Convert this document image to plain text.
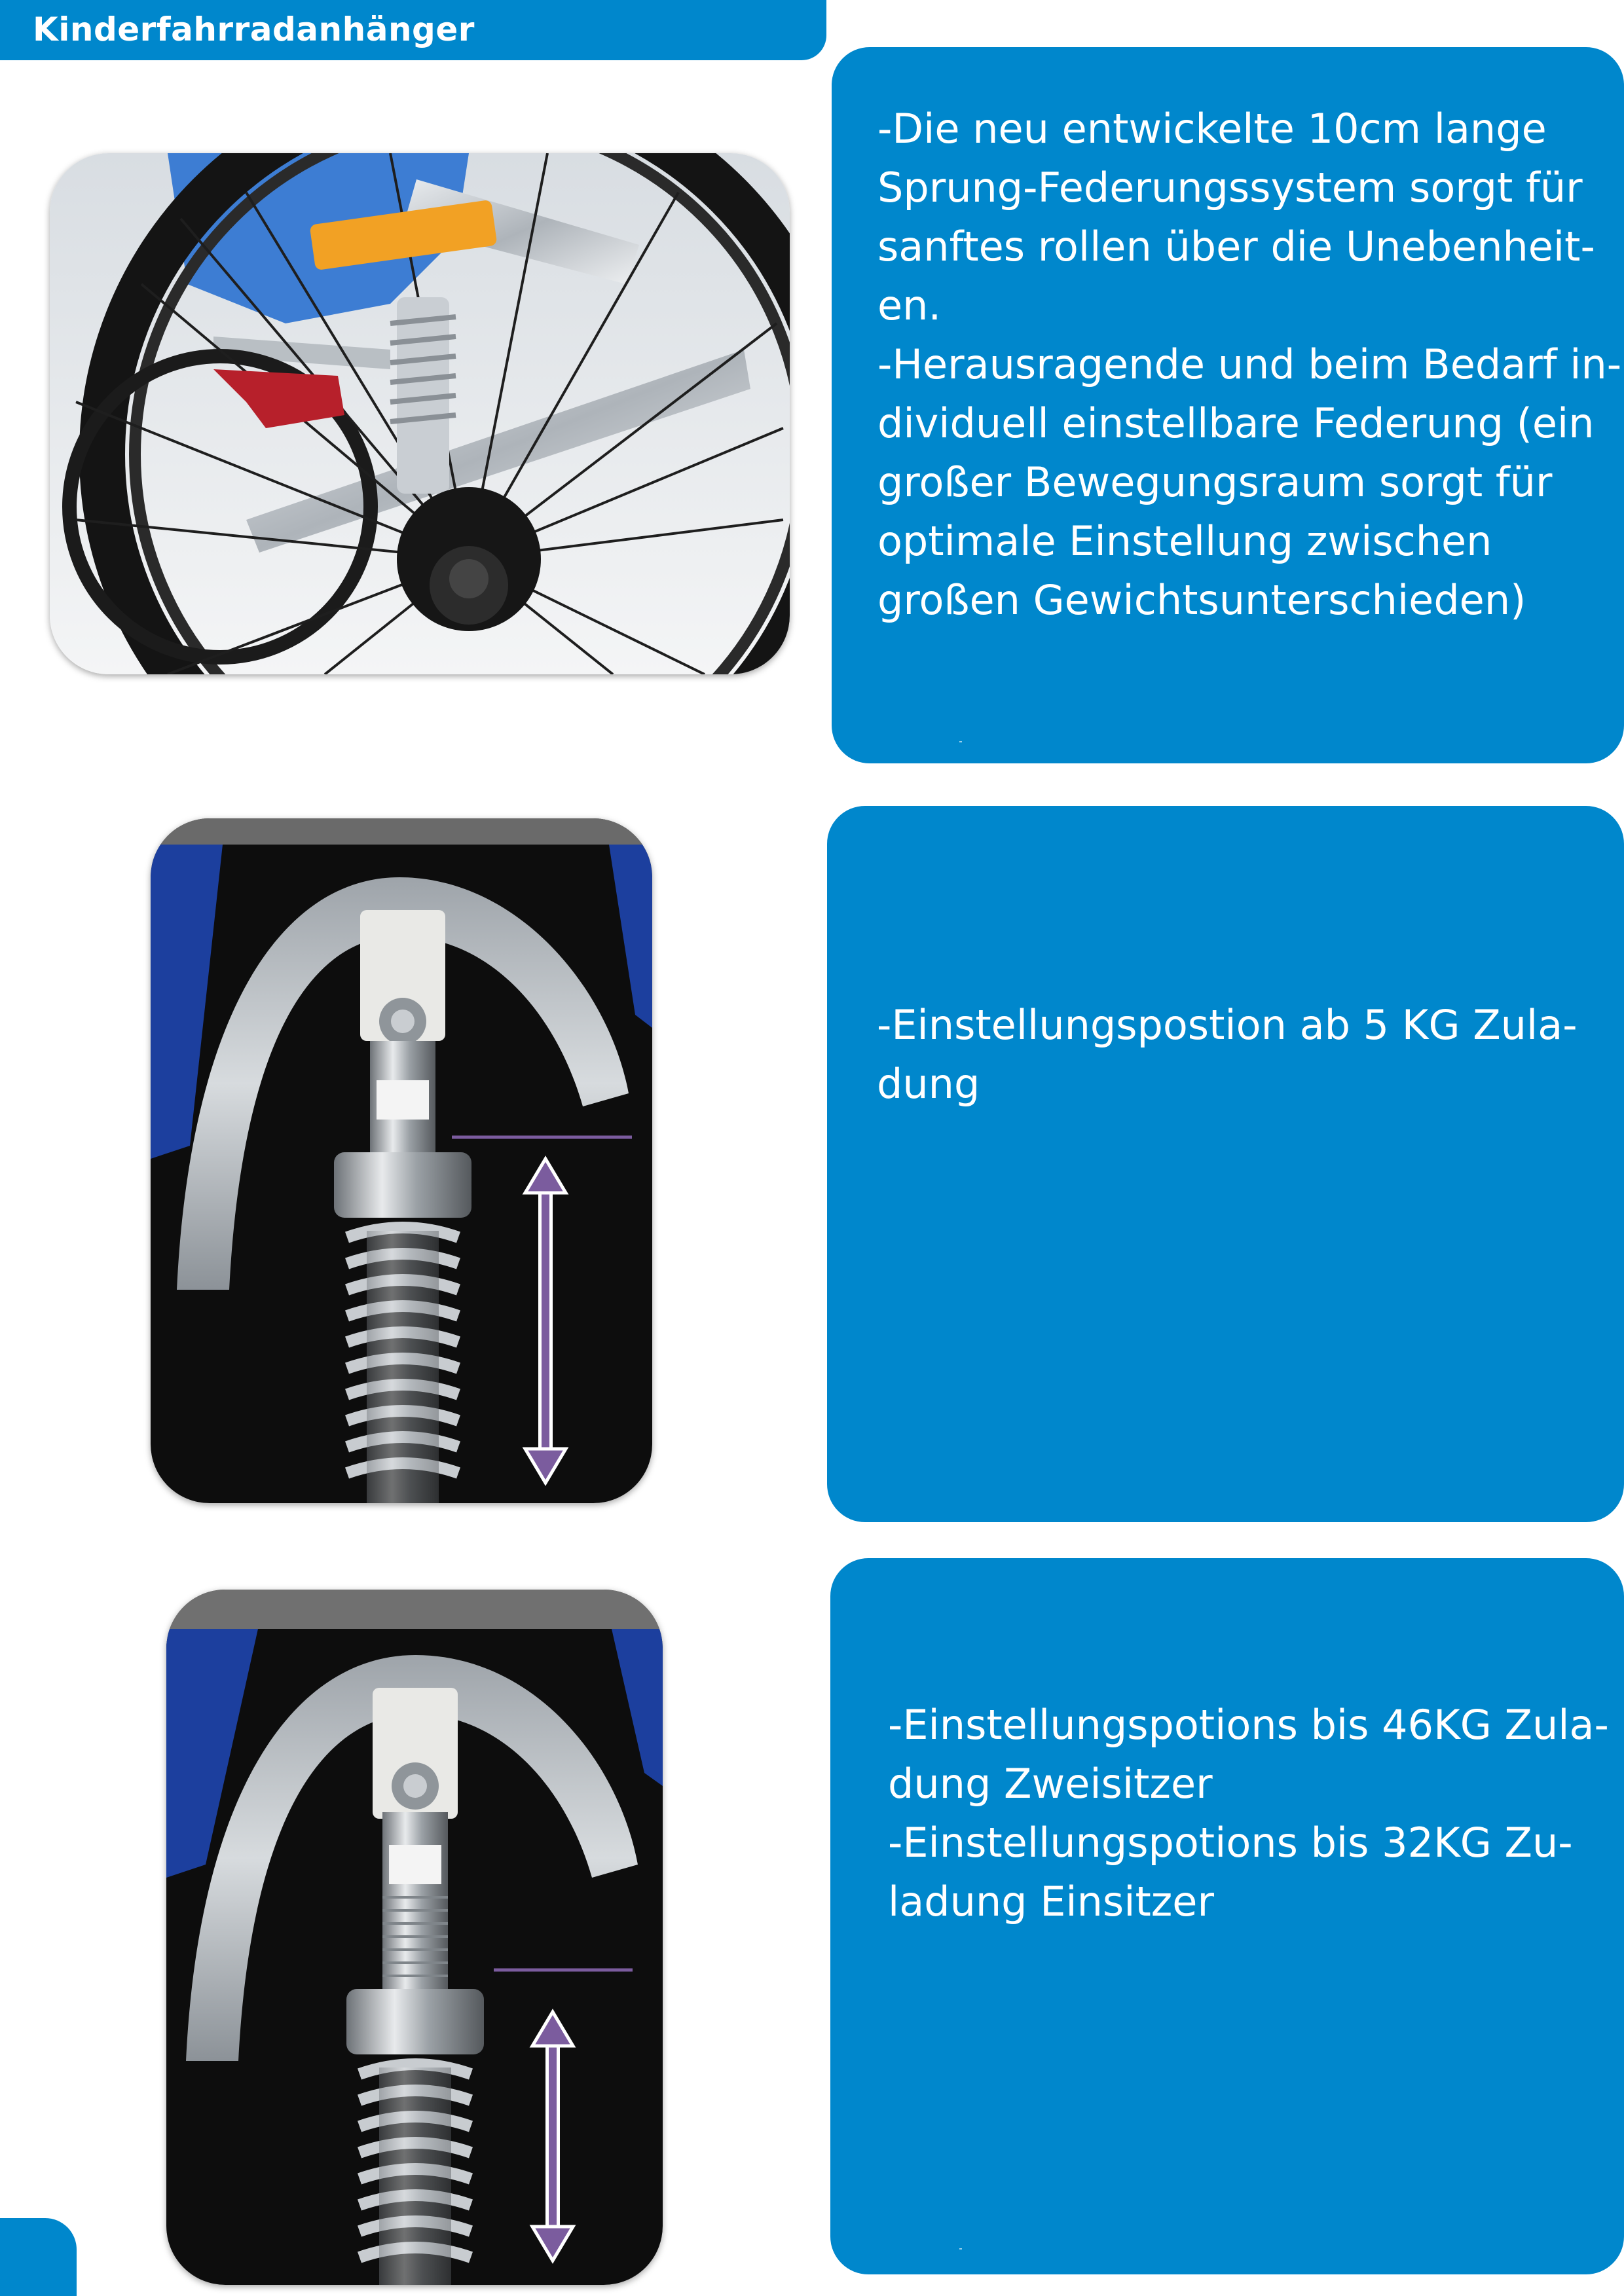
Kinderfahrradanhänger

-Die neu entwickelte 10cm lange
Sprung-Federungssystem sorgt für
sanftes rollen über die Unebenheit-
en.
-Herausragende und beim Bedarf in-
dividuell einstellbare Federung (ein
großer Bewegungsraum sorgt für
optimale Einstellung zwischen
großen Gewichtsunterschieden)

-Einstellungspostion ab 5 KG Zula-
dung

-Einstellungspotions bis 46KG Zula-
dung Zweisitzer
-Einstellungspotions bis 32KG Zu-
ladung Einsitzer
